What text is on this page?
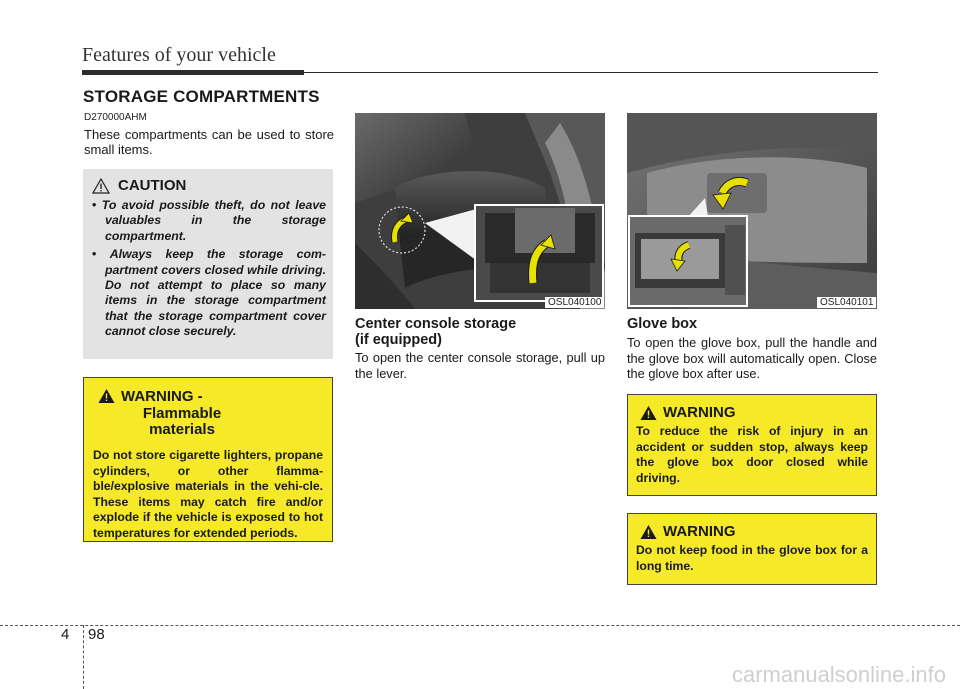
Features of your vehicle
STORAGE COMPARTMENTS
D270000AHM
These compartments can be used to store small items.
CAUTION
• To avoid possible theft, do not leave valuables in the storage compartment.
• Always keep the storage com-partment covers closed while driving. Do not attempt to place so many items in the storage compartment that the storage compartment cover cannot close securely.
WARNING - Flammable materials
Do not store cigarette lighters, propane cylinders, or other flamma-ble/explosive materials in the vehi-cle. These items may catch fire and/or explode if the vehicle is exposed to hot temperatures for extended periods.
OSL040100
Center console storage
(if equipped)
To open the center console storage, pull up the lever.
OSL040101
Glove box
To open the glove box, pull the handle and the glove box will automatically open. Close the glove box after use.
WARNING
To reduce the risk of injury in an accident or sudden stop, always keep the glove box door closed while driving.
WARNING
Do not keep food in the glove box for a long time.
4 98
carmanualsonline.info
